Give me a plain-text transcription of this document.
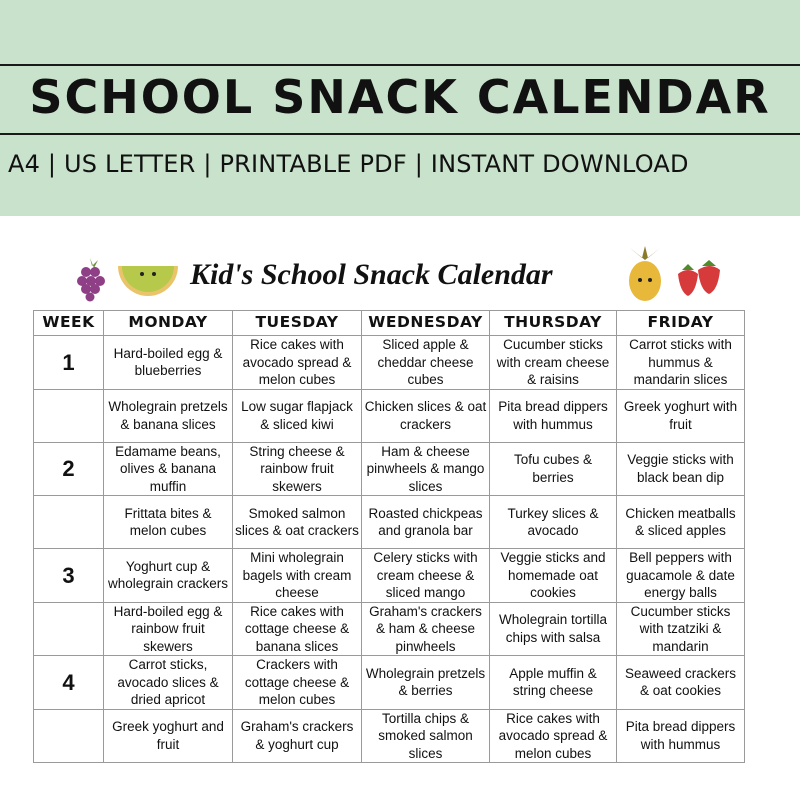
SCHOOL SNACK CALENDAR
A4 | US LETTER | PRINTABLE PDF | INSTANT DOWNLOAD
Kid's School Snack Calendar
WEEK	MONDAY	TUESDAY	WEDNESDAY	THURSDAY	FRIDAY
1	Hard-boiled egg & blueberries	Rice cakes with avocado spread & melon cubes	Sliced apple & cheddar cheese cubes	Cucumber sticks with cream cheese & raisins	Carrot sticks with hummus & mandarin slices
	Wholegrain pretzels & banana slices	Low sugar flapjack & sliced kiwi	Chicken slices & oat crackers	Pita bread dippers with hummus	Greek yoghurt with fruit
2	Edamame beans, olives & banana muffin	String cheese & rainbow fruit skewers	Ham & cheese pinwheels & mango slices	Tofu cubes & berries	Veggie sticks with black bean dip
	Frittata bites & melon cubes	Smoked salmon slices & oat crackers	Roasted chickpeas and granola bar	Turkey slices & avocado	Chicken meatballs & sliced apples
3	Yoghurt cup & wholegrain crackers	Mini wholegrain bagels with cream cheese	Celery sticks with cream cheese & sliced mango	Veggie sticks and homemade oat cookies	Bell peppers with guacamole & date energy balls
	Hard-boiled egg & rainbow fruit skewers	Rice cakes with cottage cheese & banana slices	Graham's crackers & ham & cheese pinwheels	Wholegrain tortilla chips with salsa	Cucumber sticks with tzatziki & mandarin
4	Carrot sticks, avocado slices & dried apricot	Crackers with cottage cheese & melon cubes	Wholegrain pretzels & berries	Apple muffin & string cheese	Seaweed crackers & oat cookies
	Greek yoghurt and fruit	Graham's crackers & yoghurt cup	Tortilla chips & smoked salmon slices	Rice cakes with avocado spread & melon cubes	Pita bread dippers with hummus
